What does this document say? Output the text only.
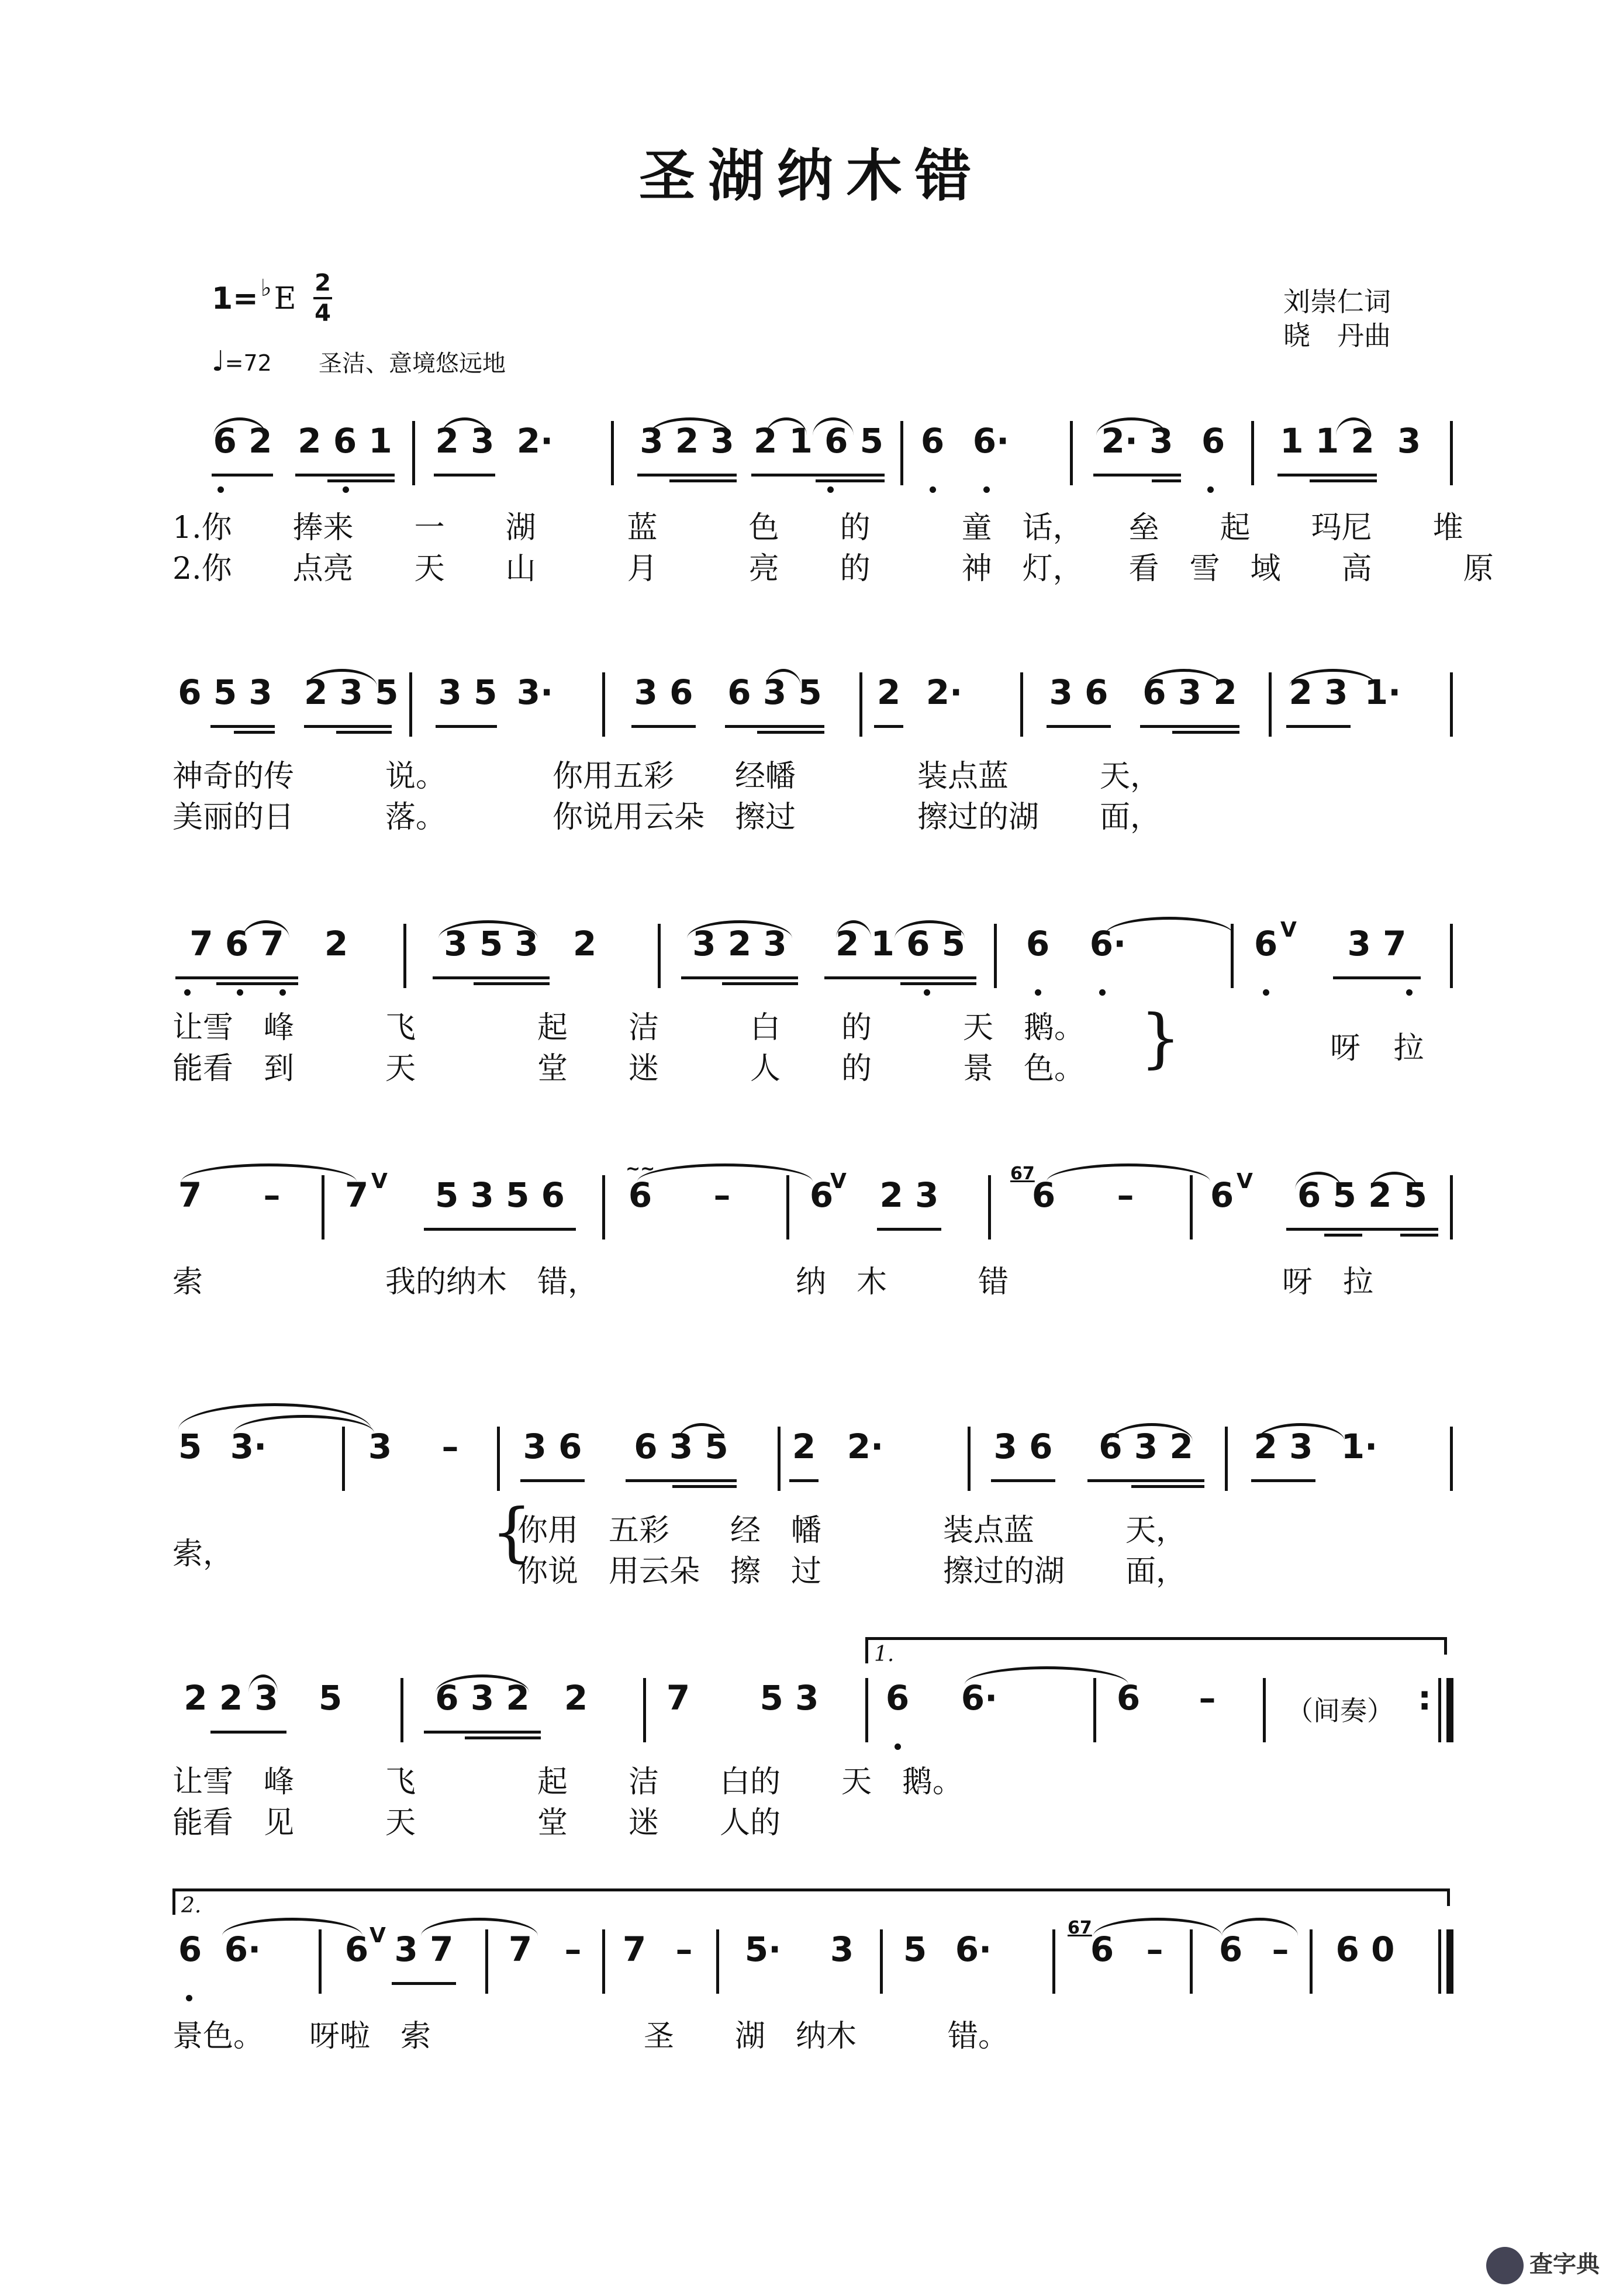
圣湖纳木错
1= ♭E 2
4
♩=72 圣洁、意境悠远地
刘崇仁词
晓　丹曲
6 2 2 6 1 2 3 2·	3 2 3 2 1 6 5 6 6·	2· 3 6 1 1 2 3
1.你　　捧来　　一　　湖　　　蓝　　　色　　的　　　童　话，　　垒　　起　　玛尼　　堆
2.你　　点亮　　天　　山　　　月　　　亮　　的　　　神　灯，　　看　雪　域　　高　　　原
6 5 3 2 3 5 3 5 3· 3 6 6 3 5 2 2·	3 6 6 3 2 2 3 1·
神奇的传　　　说。　　　　你用五彩　　经幡　　　　装点蓝　　　天，
美丽的日　　　落。　　　　你说用云朵　擦过　　　　擦过的湖　　面，
7 6 7	2	3 5 3	2	3 2 3	2 1 6 5	6 6·	6	3 7
V
让雪　峰　　　飞　　　　起　　洁　　　白　　的　　　天　鹅。
能看　到　　　天　　　　堂　　迷　　　人　　的　　　景　色。 }	呀 拉
7 – 7 V	5 3 5 6	6 – 6
V 2 3
67
6 – 6 V	6 5 2 5
~~
索　　　　　　我的纳木　错，　　　　　　　纳　木　　　错　　　　　　　　　呀　拉
5 3·	3 – 3 6 6 3 5 2 2·	3 6	6 3 2	2 3 1·
索，	{
你用　五彩　　经　幡　　　　装点蓝　　　天，
你说　用云朵　擦　过　　　　擦过的湖　　面，
1.
2 2 3 5	6 3 2	2 7	5 3	6 6·	6 –	（间奏） :
让雪　峰　　　飞　　　　起　　洁　　白的　　天　鹅。
能看　见　　　天　　　　堂　　迷　　人的
2.
6 6· 6 V 3 7 7 – 7 – 5· 3 5 6·
67
6 – 6 – 6 0
景色。　　呀啦　索　　　　　　　圣　　湖　纳木　　　错。
查字典
